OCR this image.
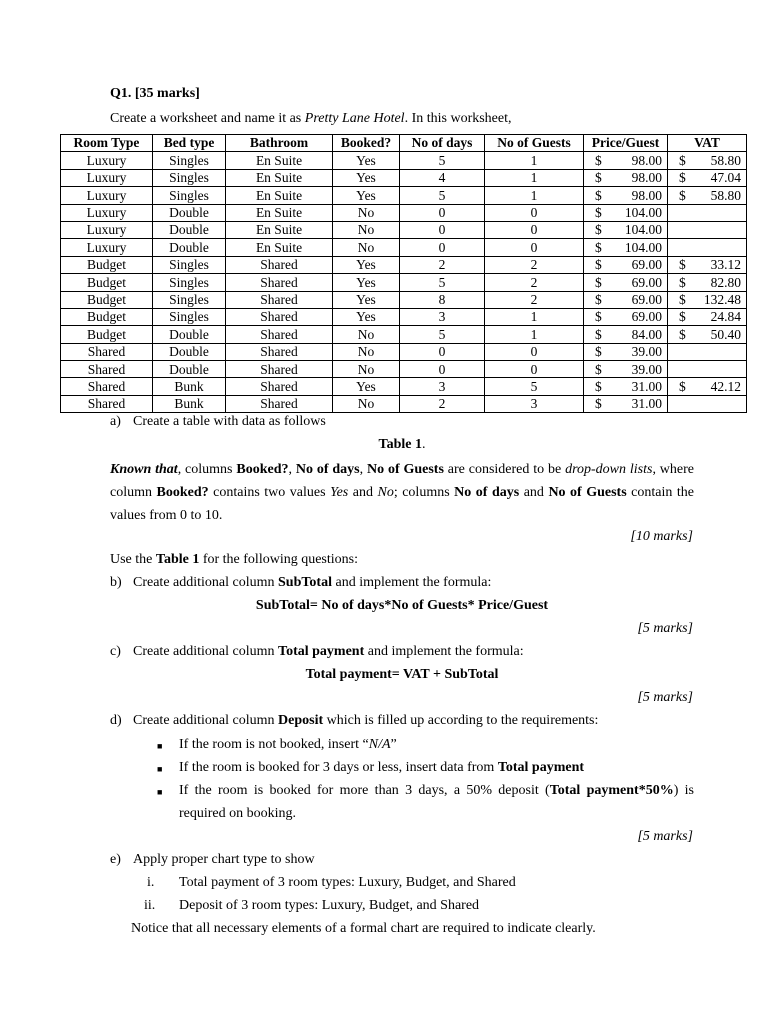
Q1. [35 marks]
Create a worksheet and name it as Pretty Lane Hotel. In this worksheet,
Room Type	Bed type	Bathroom	Booked?	No of days	No of Guests	Price/Guest	VAT
Luxury	Singles	En Suite	Yes	5	1	$ 98.00	$ 58.80

Luxury	Singles	En Suite	Yes	4	1	$ 98.00	$ 47.04

Luxury	Singles	En Suite	Yes	5	1	$ 98.00	$ 58.80

Luxury	Double	En Suite	No	0	0	$ 104.00	

Luxury	Double	En Suite	No	0	0	$ 104.00	

Luxury	Double	En Suite	No	0	0	$ 104.00	

Budget	Singles	Shared	Yes	2	2	$ 69.00	$ 33.12

Budget	Singles	Shared	Yes	5	2	$ 69.00	$ 82.80

Budget	Singles	Shared	Yes	8	2	$ 69.00	$ 132.48

Budget	Singles	Shared	Yes	3	1	$ 69.00	$ 24.84

Budget	Double	Shared	No	5	1	$ 84.00	$ 50.40

Shared	Double	Shared	No	0	0	$ 39.00	

Shared	Double	Shared	No	0	0	$ 39.00	

Shared	Bunk	Shared	Yes	3	5	$ 31.00	$ 42.12

Shared	Bunk	Shared	No	2	3	$ 31.00	

a) Create a table with data as follows
Table 1.
Known that, columns Booked?, No of days, No of Guests are considered to be drop-down lists, where column Booked? contains two values Yes and No; columns No of days and No of Guests contain the values from 0 to 10.
[10 marks]
Use the Table 1 for the following questions:
b) Create additional column SubTotal and implement the formula:
SubTotal= No of days*No of Guests* Price/Guest
[5 marks]
c) Create additional column Total payment and implement the formula:
Total payment= VAT + SubTotal
[5 marks]
d) Create additional column Deposit which is filled up according to the requirements:
■ If the room is not booked, insert “N/A”
■ If the room is booked for 3 days or less, insert data from Total payment
■ If the room is booked for more than 3 days, a 50% deposit (Total payment*50%) is required on booking.
[5 marks]
e) Apply proper chart type to show
i. Total payment of 3 room types: Luxury, Budget, and Shared
ii. Deposit of 3 room types: Luxury, Budget, and Shared
Notice that all necessary elements of a formal chart are required to indicate clearly.
